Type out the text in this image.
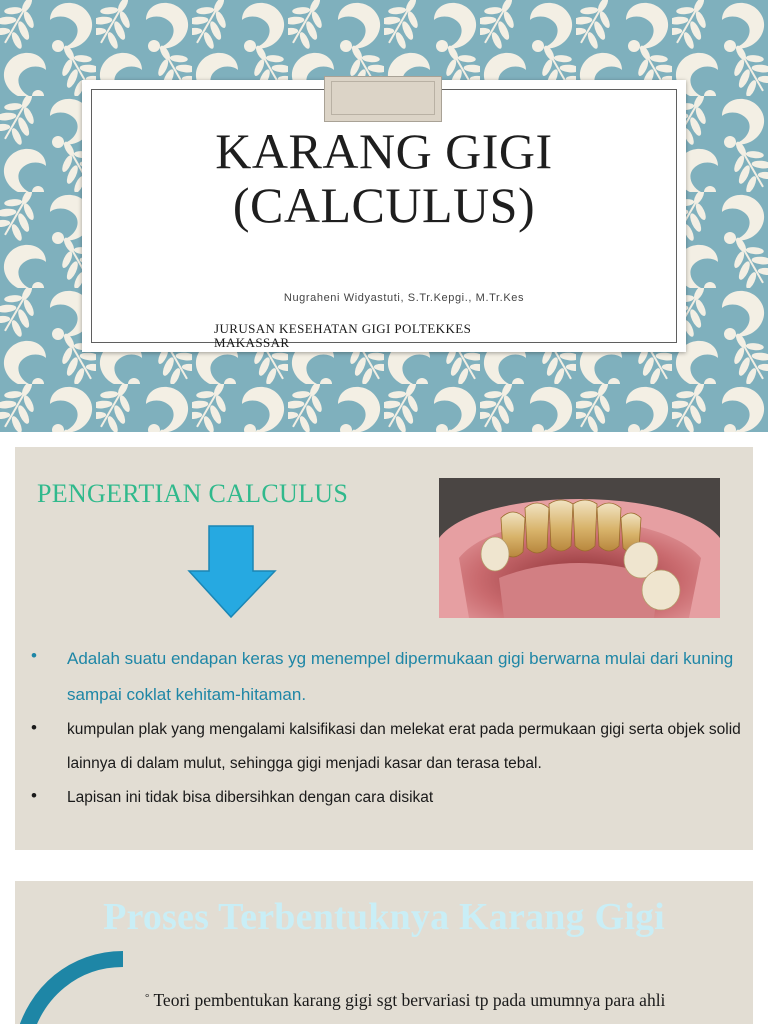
KARANG GIGI
(CALCULUS)
Nugraheni Widyastuti, S.Tr.Kepgi., M.Tr.Kes
JURUSAN KESEHATAN GIGI POLTEKKES
MAKASSAR
PENGERTIAN CALCULUS
• Adalah suatu endapan keras yg menempel dipermukaan gigi berwarna mulai dari kuning sampai coklat kehitam-hitaman.
• kumpulan plak yang mengalami kalsifikasi dan melekat erat pada permukaan gigi serta objek solid lainnya di dalam mulut, sehingga gigi menjadi kasar dan terasa tebal.
• Lapisan ini tidak bisa dibersihkan dengan cara disikat
Proses Terbentuknya Karang Gigi
° Teori pembentukan karang gigi sgt bervariasi tp pada umumnya para ahli
